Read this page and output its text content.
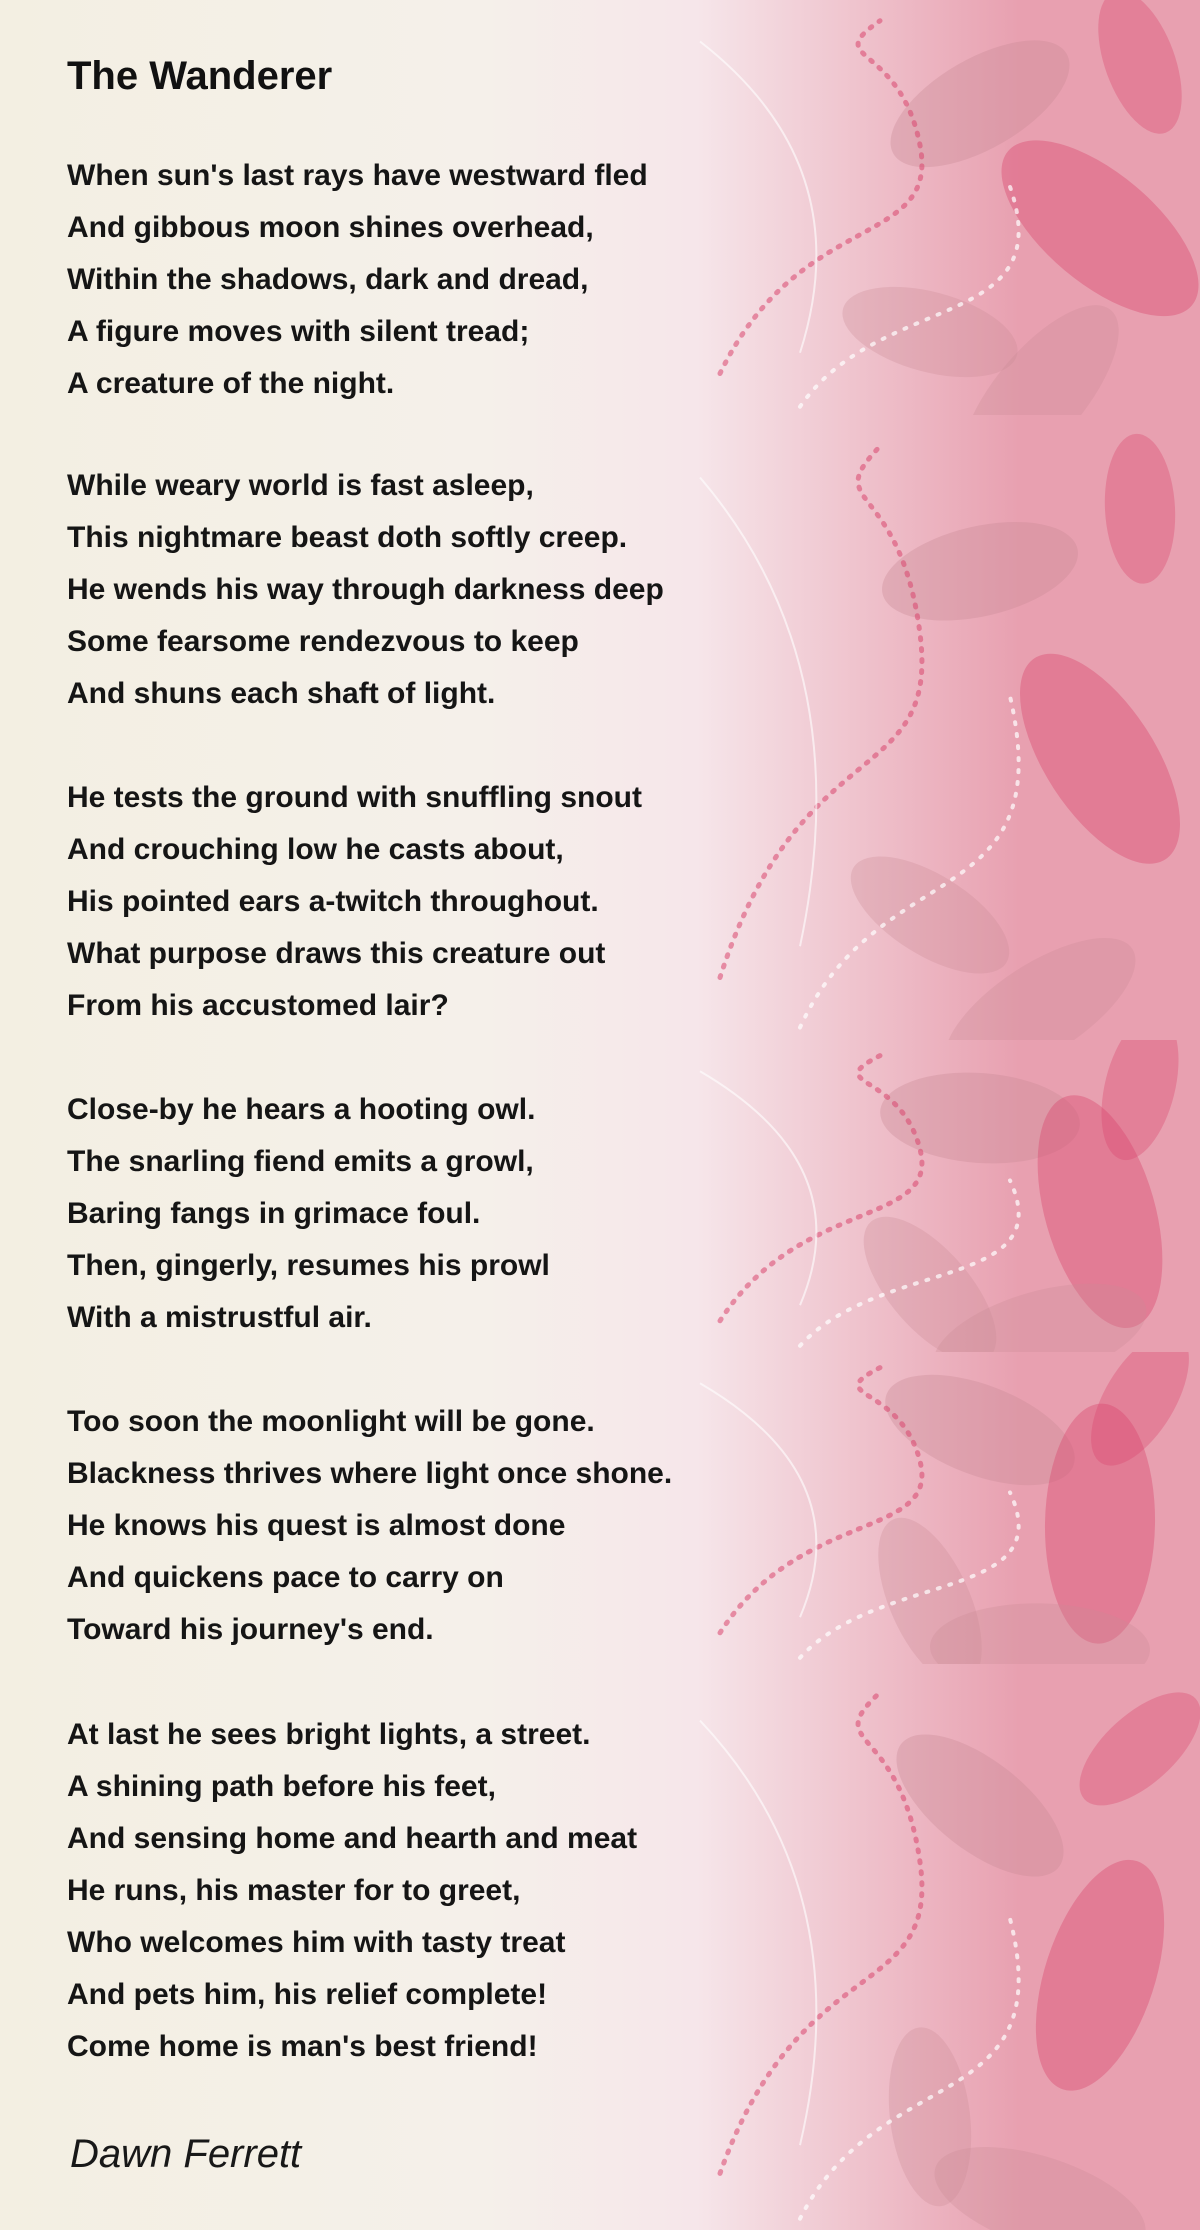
The Wanderer
When sun's last rays have westward fled
And gibbous moon shines overhead,
Within the shadows, dark and dread,
A figure moves with silent tread;
A creature of the night.
While weary world is fast asleep,
This nightmare beast doth softly creep.
He wends his way through darkness deep
Some fearsome rendezvous to keep
And shuns each shaft of light.
He tests the ground with snuffling snout
And crouching low he casts about,
His pointed ears a-twitch throughout.
What purpose draws this creature out
From his accustomed lair?
Close-by he hears a hooting owl.
The snarling fiend emits a growl,
Baring fangs in grimace foul.
Then, gingerly, resumes his prowl
With a mistrustful air.
Too soon the moonlight will be gone.
Blackness thrives where light once shone.
He knows his quest is almost done
And quickens pace to carry on
Toward his journey's end.
At last he sees bright lights, a street.
A shining path before his feet,
And sensing home and hearth and meat
He runs, his master for to greet,
Who welcomes him with tasty treat
And pets him, his relief complete!
Come home is man's best friend!
Dawn Ferrett
